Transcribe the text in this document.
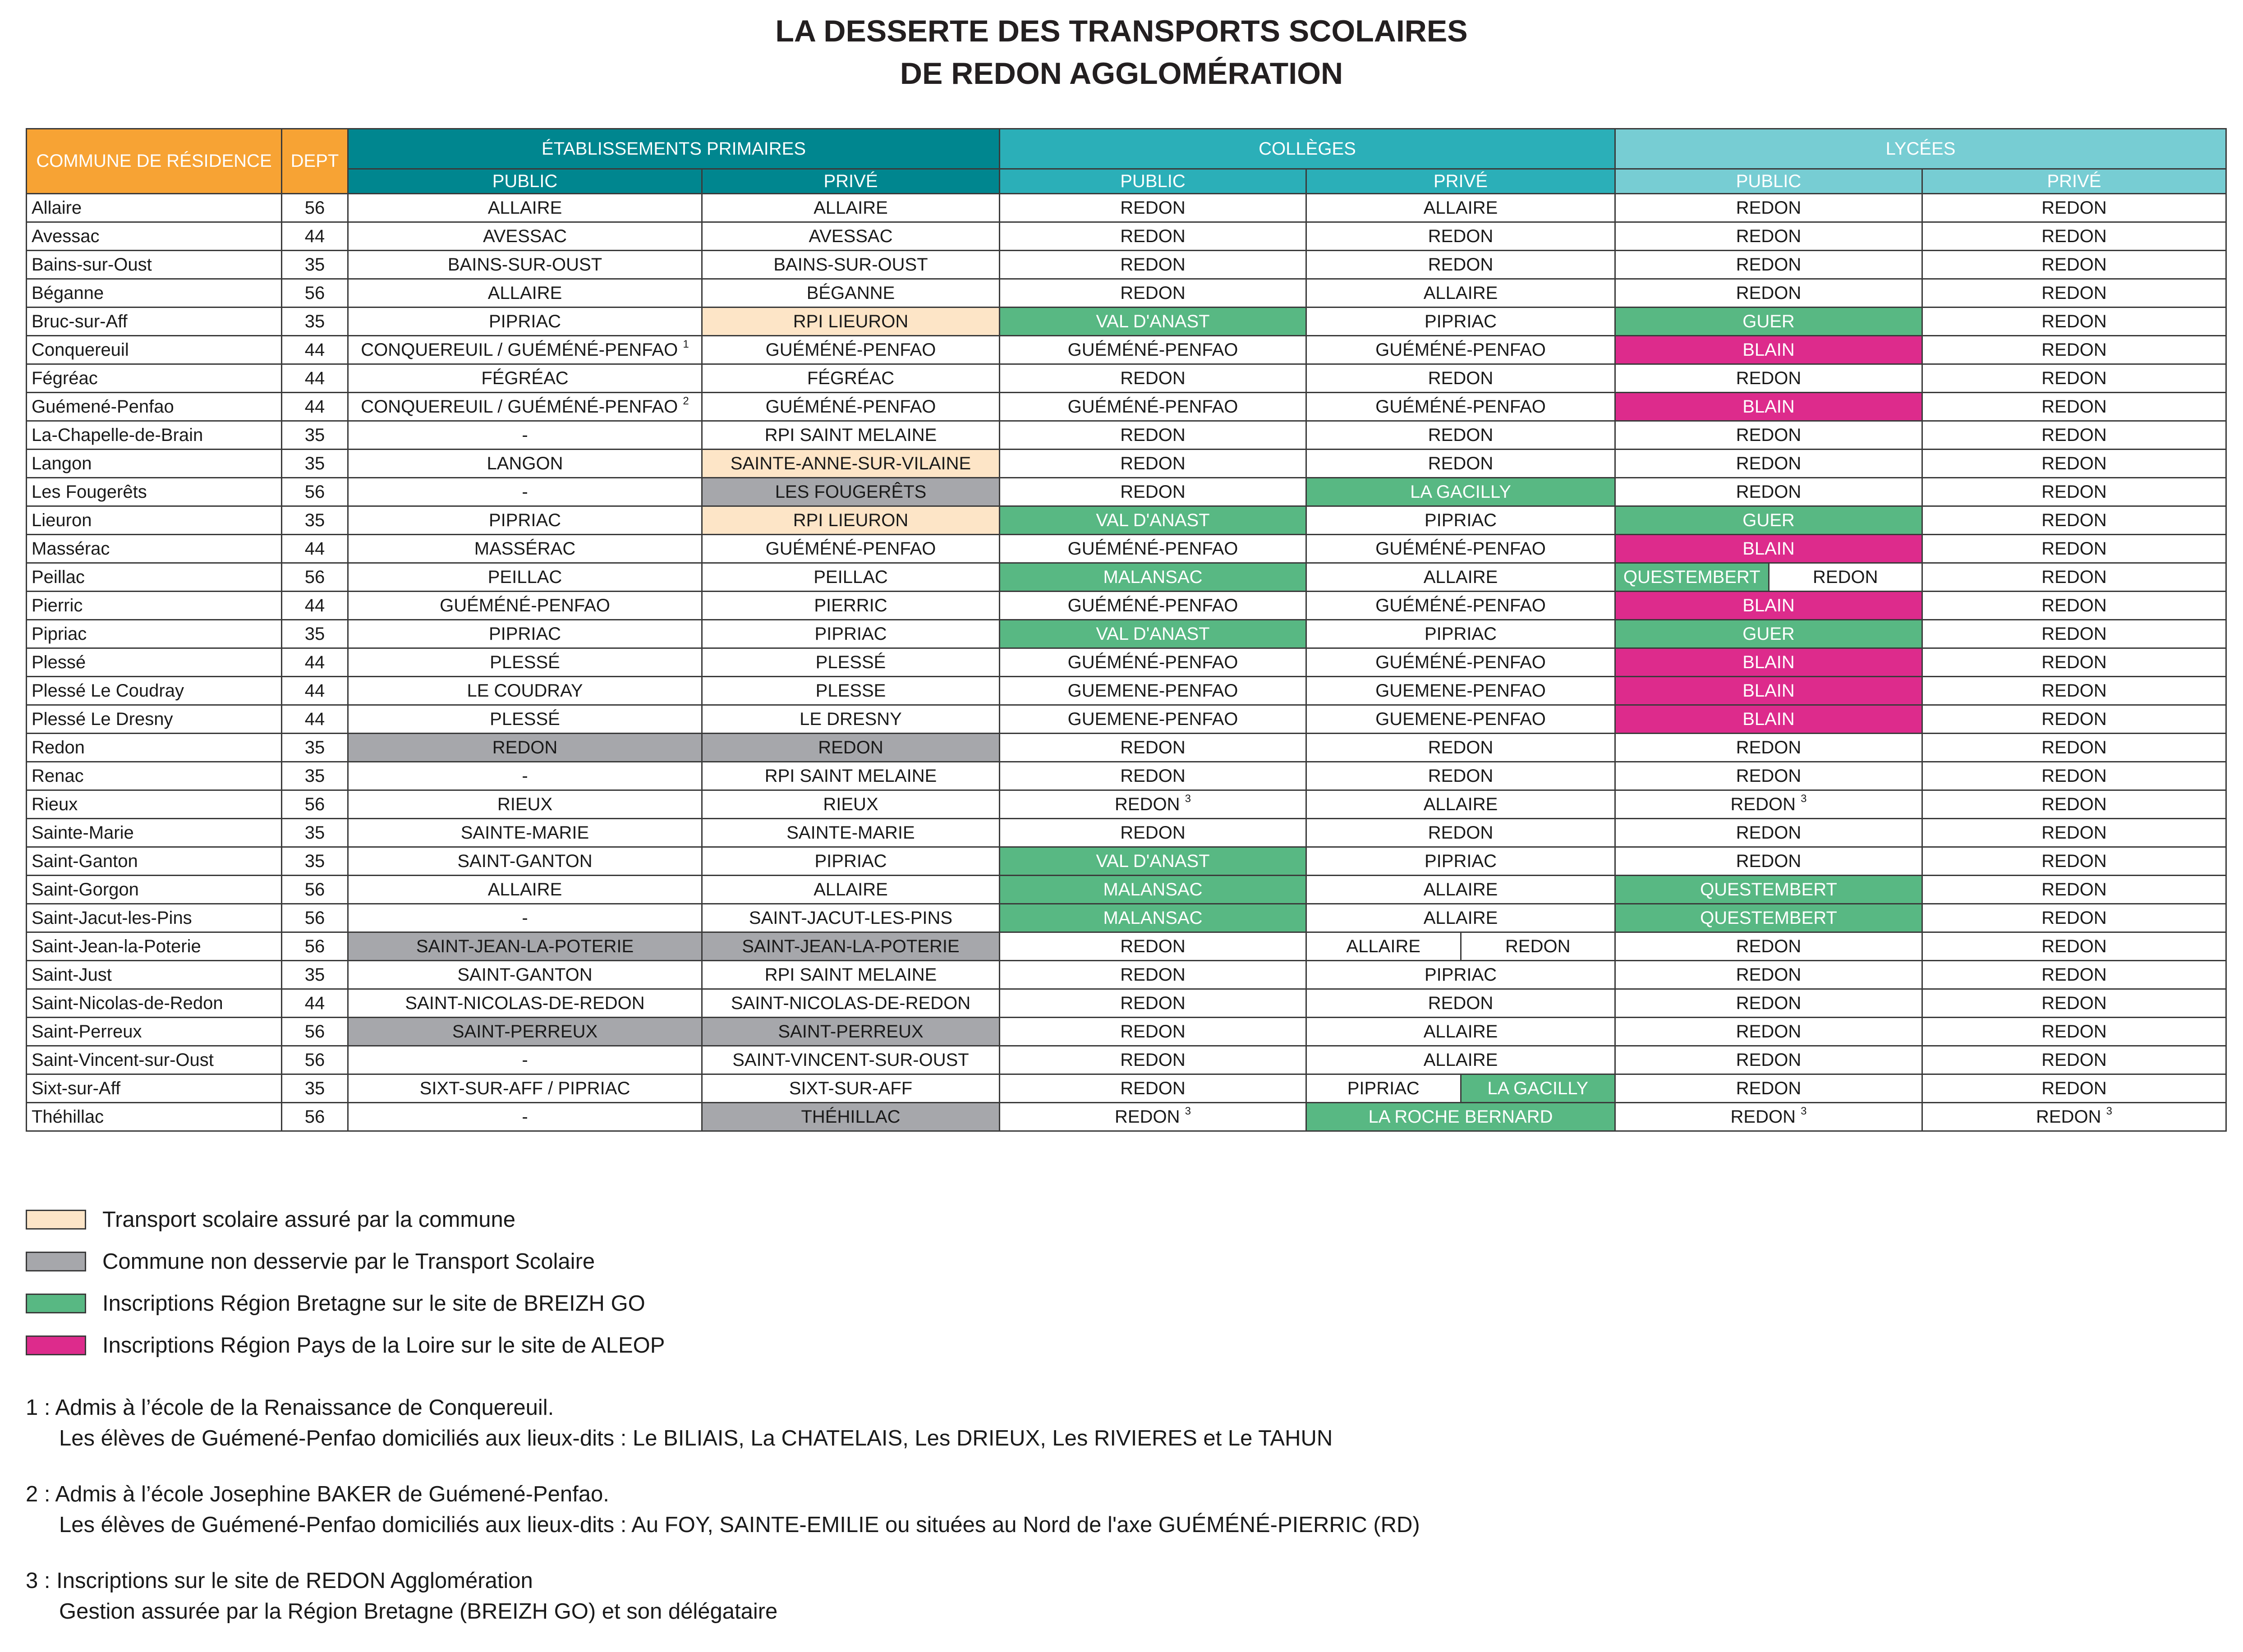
LA DESSERTE DES TRANSPORTS SCOLAIRES
DE REDON AGGLOMÉRATION
COMMUNE DE RÉSIDENCE	DEPT	ÉTABLISSEMENTS PRIMAIRES		COLLÈGES		LYCÉES	
		PUBLIC	PRIVÉ	PUBLIC	PRIVÉ	PUBLIC	PRIVÉ
Allaire	56	ALLAIRE	ALLAIRE	REDON	ALLAIRE	REDON	REDON
Avessac	44	AVESSAC	AVESSAC	REDON	REDON	REDON	REDON
Bains-sur-Oust	35	BAINS-SUR-OUST	BAINS-SUR-OUST	REDON	REDON	REDON	REDON
Béganne	56	ALLAIRE	BÉGANNE	REDON	ALLAIRE	REDON	REDON
Bruc-sur-Aff	35	PIPRIAC	RPI LIEURON	VAL D'ANAST	PIPRIAC	GUER	REDON
Conquereuil	44	CONQUEREUIL / GUÉMÉNÉ-PENFAO $^1$	GUÉMÉNÉ-PENFAO	GUÉMÉNÉ-PENFAO	GUÉMÉNÉ-PENFAO	BLAIN	REDON
Fégréac	44	FÉGRÉAC	FÉGRÉAC	REDON	REDON	REDON	REDON
Guémené-Penfao	44	CONQUEREUIL / GUÉMÉNÉ-PENFAO $^2$	GUÉMÉNÉ-PENFAO	GUÉMÉNÉ-PENFAO	GUÉMÉNÉ-PENFAO	BLAIN	REDON
La-Chapelle-de-Brain	35	-	RPI SAINT MELAINE	REDON	REDON	REDON	REDON
Langon	35	LANGON	SAINTE-ANNE-SUR-VILAINE	REDON	REDON	REDON	REDON
Les Fougerêts	56	-	LES FOUGERÊTS	REDON	LA GACILLY	REDON	REDON
Lieuron	35	PIPRIAC	RPI LIEURON	VAL D'ANAST	PIPRIAC	GUER	REDON
Massérac	44	MASSÉRAC	GUÉMÉNÉ-PENFAO	GUÉMÉNÉ-PENFAO	GUÉMÉNÉ-PENFAO	BLAIN	REDON
Peillac	56	PEILLAC	PEILLAC	MALANSAC	ALLAIRE	QUESTEMBERT REDON	REDON
Pierric	44	GUÉMÉNÉ-PENFAO	PIERRIC	GUÉMÉNÉ-PENFAO	GUÉMÉNÉ-PENFAO	BLAIN	REDON
Pipriac	35	PIPRIAC	PIPRIAC	VAL D'ANAST	PIPRIAC	GUER	REDON
Plessé	44	PLESSÉ	PLESSÉ	GUÉMÉNÉ-PENFAO	GUÉMÉNÉ-PENFAO	BLAIN	REDON
Plessé Le Coudray	44	LE COUDRAY	PLESSE	GUEMENE-PENFAO	GUEMENE-PENFAO	BLAIN	REDON
Plessé Le Dresny	44	PLESSÉ	LE DRESNY	GUEMENE-PENFAO	GUEMENE-PENFAO	BLAIN	REDON
Redon	35	REDON	REDON	REDON	REDON	REDON	REDON
Renac	35	-	RPI SAINT MELAINE	REDON	REDON	REDON	REDON
Rieux	56	RIEUX	RIEUX	REDON $^3$	ALLAIRE	REDON $^3$	REDON
Sainte-Marie	35	SAINTE-MARIE	SAINTE-MARIE	REDON	REDON	REDON	REDON
Saint-Ganton	35	SAINT-GANTON	PIPRIAC	VAL D'ANAST	PIPRIAC	REDON	REDON
Saint-Gorgon	56	ALLAIRE	ALLAIRE	MALANSAC	ALLAIRE	QUESTEMBERT	REDON
Saint-Jacut-les-Pins	56	-	SAINT-JACUT-LES-PINS	MALANSAC	ALLAIRE	QUESTEMBERT	REDON
Saint-Jean-la-Poterie	56	SAINT-JEAN-LA-POTERIE	SAINT-JEAN-LA-POTERIE	REDON	ALLAIRE REDON	REDON	REDON
Saint-Just	35	SAINT-GANTON	RPI SAINT MELAINE	REDON	PIPRIAC	REDON	REDON
Saint-Nicolas-de-Redon	44	SAINT-NICOLAS-DE-REDON	SAINT-NICOLAS-DE-REDON	REDON	REDON	REDON	REDON
Saint-Perreux	56	SAINT-PERREUX	SAINT-PERREUX	REDON	ALLAIRE	REDON	REDON
Saint-Vincent-sur-Oust	56	-	SAINT-VINCENT-SUR-OUST	REDON	ALLAIRE	REDON	REDON
Sixt-sur-Aff	35	SIXT-SUR-AFF / PIPRIAC	SIXT-SUR-AFF	REDON	PIPRIAC LA GACILLY	REDON	REDON
Théhillac	56	-	THÉHILLAC	REDON $^3$	LA ROCHE BERNARD	REDON $^3$	REDON $^3$
Transport scolaire assuré par la commune
Commune non desservie par le Transport Scolaire
Inscriptions Région Bretagne sur le site de BREIZH GO
Inscriptions Région Pays de la Loire sur le site de ALEOP
1 : Admis à l’école de la Renaissance de Conquereuil.
Les élèves de Guémené-Penfao domiciliés aux lieux-dits : Le BILIAIS, La CHATELAIS, Les DRIEUX, Les RIVIERES et Le TAHUN
2 : Admis à l’école Josephine BAKER de Guémené-Penfao.
Les élèves de Guémené-Penfao domiciliés aux lieux-dits : Au FOY, SAINTE-EMILIE ou situées au Nord de l'axe GUÉMÉNÉ-PIERRIC (RD)
3 : Inscriptions sur le site de REDON Agglomération
Gestion assurée par la Région Bretagne (BREIZH GO) et son délégataire
